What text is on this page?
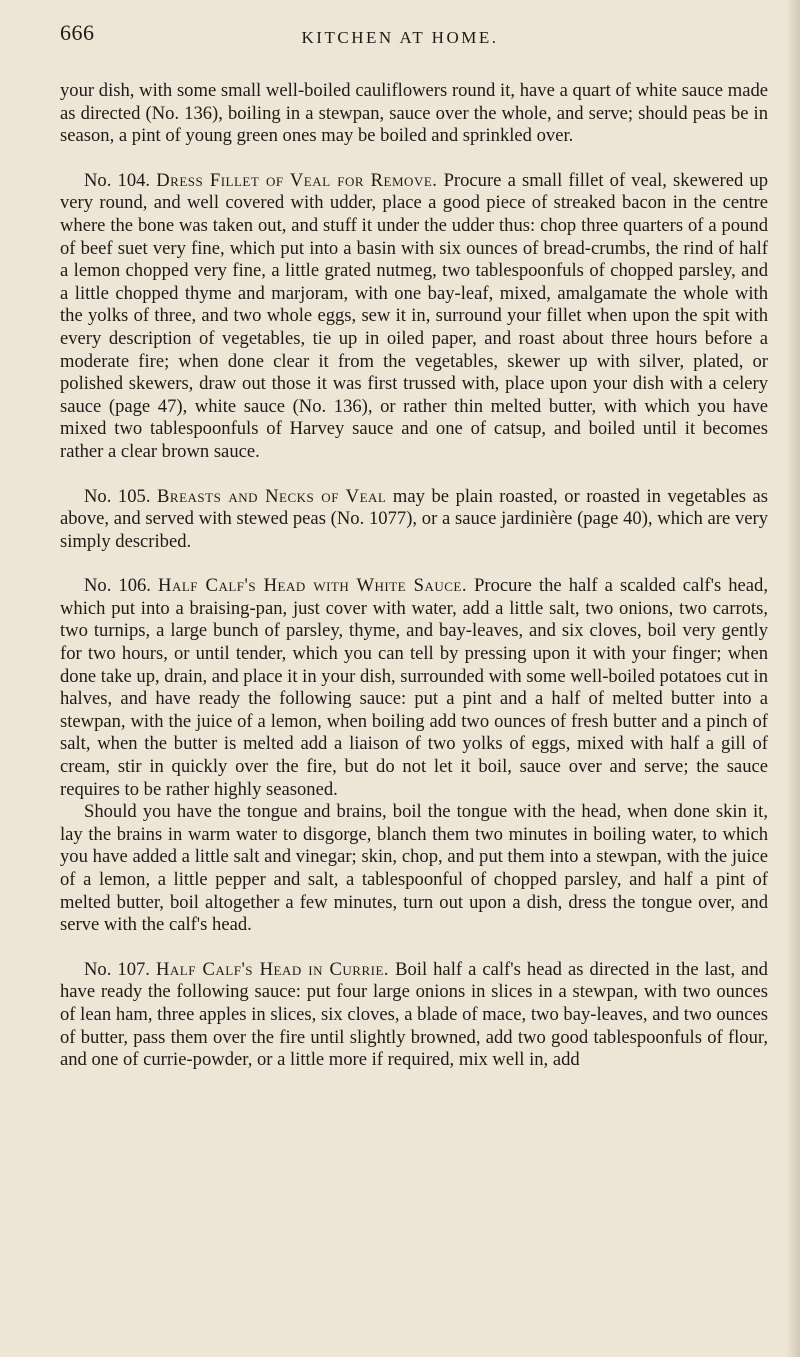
666	KITCHEN AT HOME.

your dish, with some small well-boiled cauliflowers round it, have a quart of white sauce made as directed (No. 136), boiling in a stewpan, sauce over the whole, and serve; should peas be in season, a pint of young green ones may be boiled and sprinkled over.

No. 104. Dress Fillet of Veal for Remove. Procure a small fillet of veal, skewered up very round, and well covered with udder, place a good piece of streaked bacon in the centre where the bone was taken out, and stuff it under the udder thus: chop three quarters of a pound of beef suet very fine, which put into a basin with six ounces of bread-crumbs, the rind of half a lemon chopped very fine, a little grated nutmeg, two tablespoonfuls of chopped parsley, and a little chopped thyme and marjoram, with one bay-leaf, mixed, amalgamate the whole with the yolks of three, and two whole eggs, sew it in, surround your fillet when upon the spit with every description of vegetables, tie up in oiled paper, and roast about three hours before a moderate fire; when done clear it from the vegetables, skewer up with silver, plated, or polished skewers, draw out those it was first trussed with, place upon your dish with a celery sauce (page 47), white sauce (No. 136), or rather thin melted butter, with which you have mixed two tablespoonfuls of Harvey sauce and one of catsup, and boiled until it becomes rather a clear brown sauce.

No. 105. Breasts and Necks of Veal may be plain roasted, or roasted in vegetables as above, and served with stewed peas (No. 1077), or a sauce jardinière (page 40), which are very simply described.

No. 106. Half Calf's Head with White Sauce. Procure the half a scalded calf's head, which put into a braising-pan, just cover with water, add a little salt, two onions, two carrots, two turnips, a large bunch of parsley, thyme, and bay-leaves, and six cloves, boil very gently for two hours, or until tender, which you can tell by pressing upon it with your finger; when done take up, drain, and place it in your dish, surrounded with some well-boiled potatoes cut in halves, and have ready the following sauce: put a pint and a half of melted butter into a stewpan, with the juice of a lemon, when boiling add two ounces of fresh butter and a pinch of salt, when the butter is melted add a liaison of two yolks of eggs, mixed with half a gill of cream, stir in quickly over the fire, but do not let it boil, sauce over and serve; the sauce requires to be rather highly seasoned.

Should you have the tongue and brains, boil the tongue with the head, when done skin it, lay the brains in warm water to disgorge, blanch them two minutes in boiling water, to which you have added a little salt and vinegar; skin, chop, and put them into a stewpan, with the juice of a lemon, a little pepper and salt, a tablespoonful of chopped parsley, and half a pint of melted butter, boil altogether a few minutes, turn out upon a dish, dress the tongue over, and serve with the calf's head.

No. 107. Half Calf's Head in Currie. Boil half a calf's head as directed in the last, and have ready the following sauce: put four large onions in slices in a stewpan, with two ounces of lean ham, three apples in slices, six cloves, a blade of mace, two bay-leaves, and two ounces of butter, pass them over the fire until slightly browned, add two good tablespoonfuls of flour, and one of currie-powder, or a little more if required, mix well in, add
